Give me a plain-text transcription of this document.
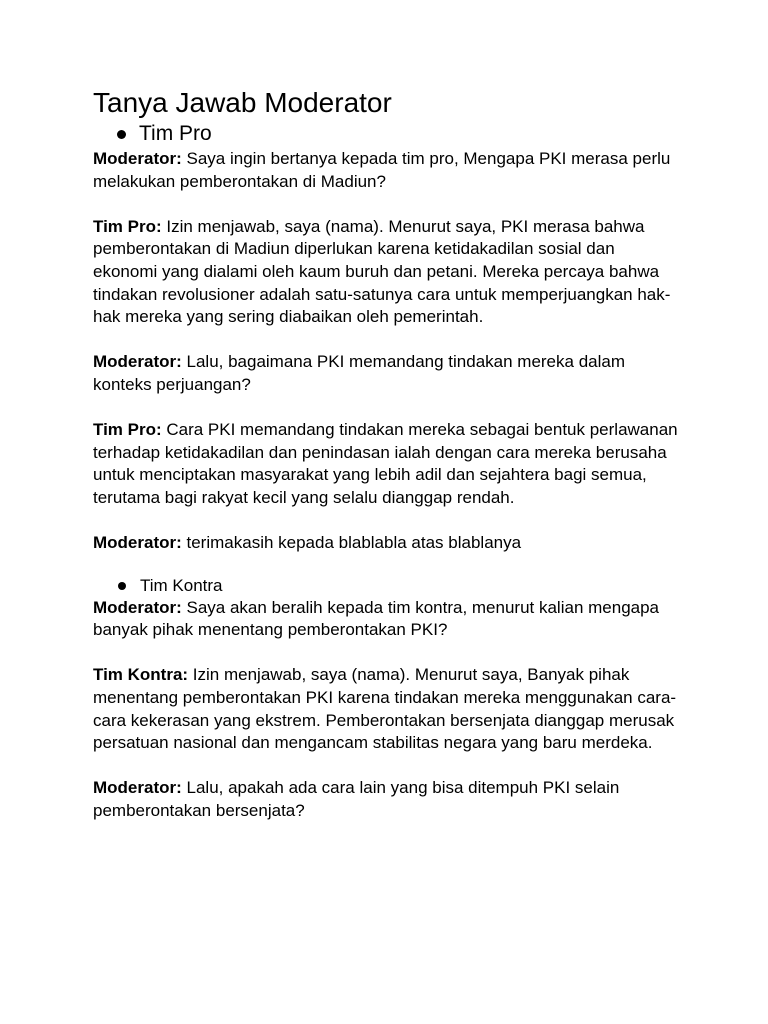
Tanya Jawab Moderator
Tim Pro

Moderator: Saya ingin bertanya kepada tim pro, Mengapa PKI merasa perlu melakukan pemberontakan di Madiun?

Tim Pro: Izin menjawab, saya (nama). Menurut saya, PKI merasa bahwa pemberontakan di Madiun diperlukan karena ketidakadilan sosial dan ekonomi yang dialami oleh kaum buruh dan petani. Mereka percaya bahwa tindakan revolusioner adalah satu-satunya cara untuk memperjuangkan hak-hak mereka yang sering diabaikan oleh pemerintah.

Moderator: Lalu, bagaimana PKI memandang tindakan mereka dalam konteks perjuangan?

Tim Pro: Cara PKI memandang tindakan mereka sebagai bentuk perlawanan terhadap ketidakadilan dan penindasan ialah dengan cara mereka berusaha untuk menciptakan masyarakat yang lebih adil dan sejahtera bagi semua, terutama bagi rakyat kecil yang selalu dianggap rendah.

Moderator: terimakasih kepada blablabla atas blablanya

Tim Kontra

Moderator: Saya akan beralih kepada tim kontra, menurut kalian mengapa banyak pihak menentang pemberontakan PKI?

Tim Kontra: Izin menjawab, saya (nama). Menurut saya, Banyak pihak menentang pemberontakan PKI karena tindakan mereka menggunakan cara-cara kekerasan yang ekstrem. Pemberontakan bersenjata dianggap merusak persatuan nasional dan mengancam stabilitas negara yang baru merdeka.

Moderator: Lalu, apakah ada cara lain yang bisa ditempuh PKI selain pemberontakan bersenjata?
